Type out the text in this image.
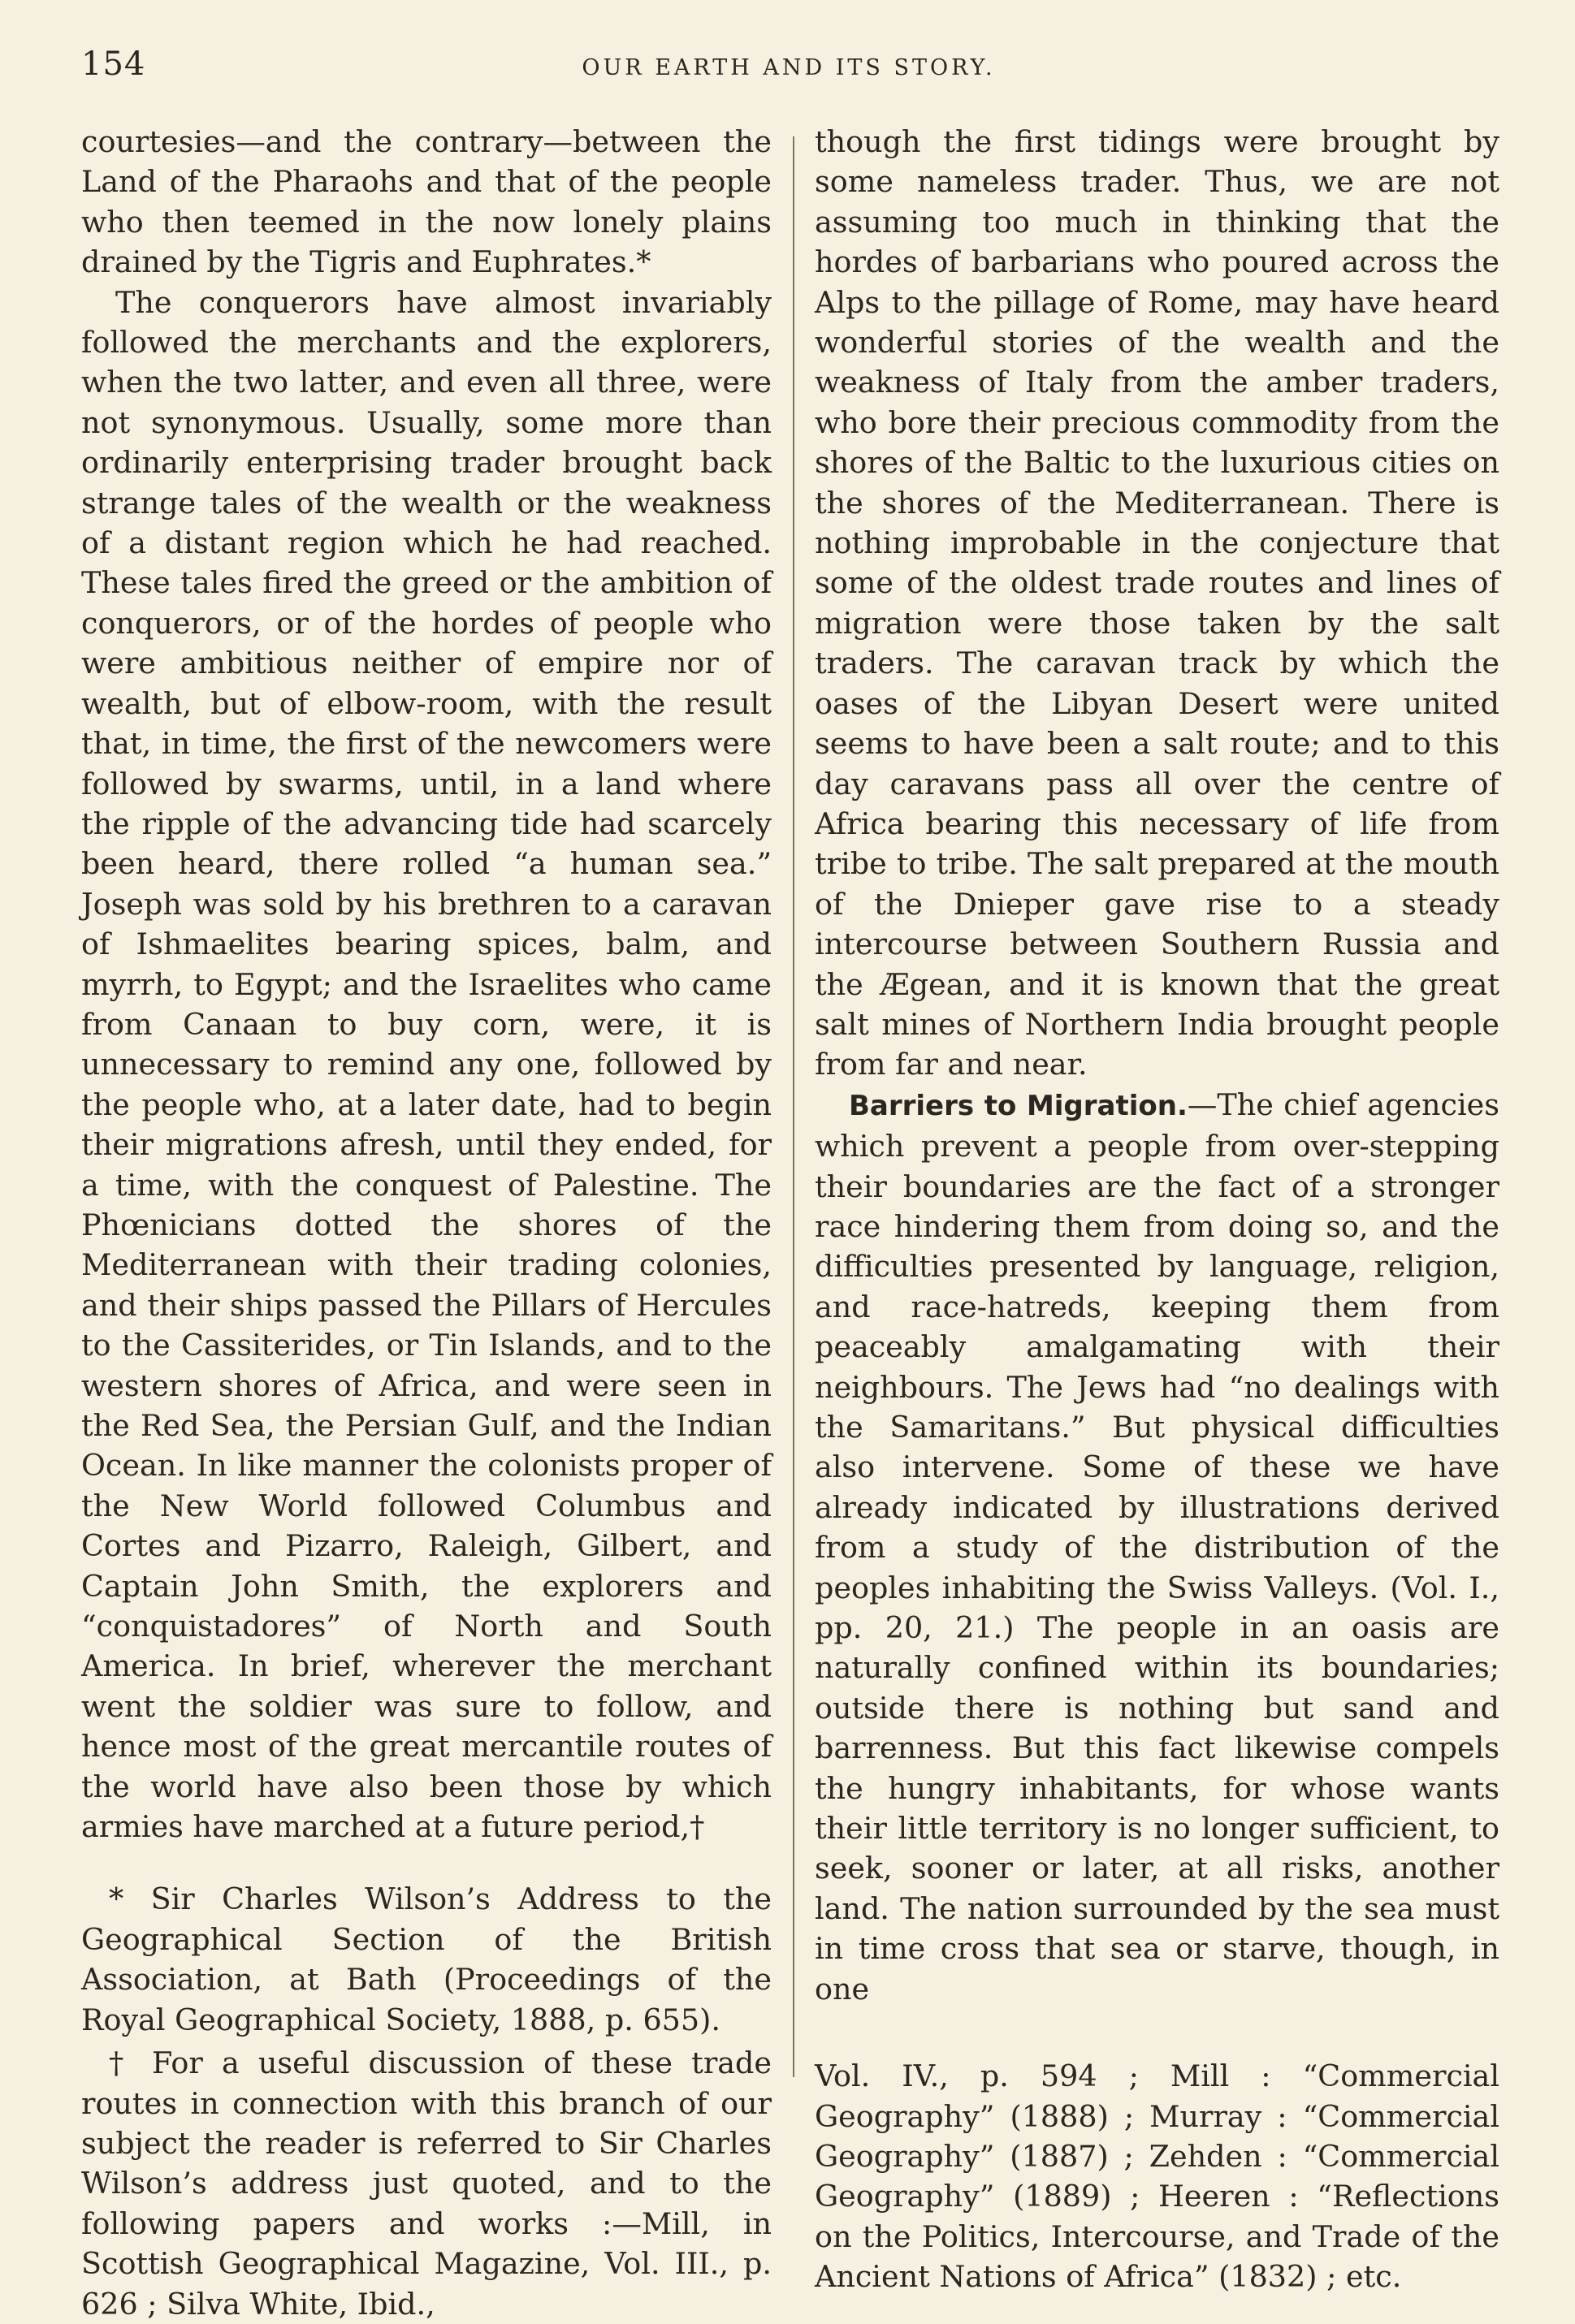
154	OUR EARTH AND ITS STORY.

courtesies—and the contrary—between the Land of the Pharaohs and that of the people who then teemed in the now lonely plains drained by the Tigris and Euphrates.*

The conquerors have almost invariably followed the merchants and the explorers, when the two latter, and even all three, were not synonymous. Usually, some more than ordinarily enterprising trader brought back strange tales of the wealth or the weakness of a distant region which he had reached. These tales fired the greed or the ambition of conquerors, or of the hordes of people who were ambitious neither of empire nor of wealth, but of elbow-room, with the result that, in time, the first of the newcomers were followed by swarms, until, in a land where the ripple of the advancing tide had scarcely been heard, there rolled “a human sea.” Joseph was sold by his brethren to a caravan of Ishmaelites bearing spices, balm, and myrrh, to Egypt; and the Israelites who came from Canaan to buy corn, were, it is unnecessary to remind any one, followed by the people who, at a later date, had to begin their migrations afresh, until they ended, for a time, with the conquest of Palestine. The Phœnicians dotted the shores of the Mediterranean with their trading colonies, and their ships passed the Pillars of Hercules to the Cassiterides, or Tin Islands, and to the western shores of Africa, and were seen in the Red Sea, the Persian Gulf, and the Indian Ocean. In like manner the colonists proper of the New World followed Columbus and Cortes and Pizarro, Raleigh, Gilbert, and Captain John Smith, the explorers and “conquistadores” of North and South America. In brief, wherever the merchant went the soldier was sure to follow, and hence most of the great mercantile routes of the world have also been those by which armies have marched at a future period,†

* Sir Charles Wilson’s Address to the Geographical Section of the British Association, at Bath (Proceedings of the Royal Geographical Society, 1888, p. 655).

† For a useful discussion of these trade routes in connection with this branch of our subject the reader is referred to Sir Charles Wilson’s address just quoted, and to the following papers and works :—Mill, in Scottish Geographical Magazine, Vol. III., p. 626 ; Silva White, Ibid.,

though the first tidings were brought by some nameless trader. Thus, we are not assuming too much in thinking that the hordes of barbarians who poured across the Alps to the pillage of Rome, may have heard wonderful stories of the wealth and the weakness of Italy from the amber traders, who bore their precious commodity from the shores of the Baltic to the luxurious cities on the shores of the Mediterranean. There is nothing improbable in the conjecture that some of the oldest trade routes and lines of migration were those taken by the salt traders. The caravan track by which the oases of the Libyan Desert were united seems to have been a salt route; and to this day caravans pass all over the centre of Africa bearing this necessary of life from tribe to tribe. The salt prepared at the mouth of the Dnieper gave rise to a steady intercourse between Southern Russia and the Ægean, and it is known that the great salt mines of Northern India brought people from far and near.

Barriers to Migration.—The chief agencies which prevent a people from over-stepping their boundaries are the fact of a stronger race hindering them from doing so, and the difficulties presented by language, religion, and race-hatreds, keeping them from peaceably amalgamating with their neighbours. The Jews had “no dealings with the Samaritans.” But physical difficulties also intervene. Some of these we have already indicated by illustrations derived from a study of the distribution of the peoples inhabiting the Swiss Valleys. (Vol. I., pp. 20, 21.) The people in an oasis are naturally confined within its boundaries; outside there is nothing but sand and barrenness. But this fact likewise compels the hungry inhabitants, for whose wants their little territory is no longer sufficient, to seek, sooner or later, at all risks, another land. The nation surrounded by the sea must in time cross that sea or starve, though, in one

Vol. IV., p. 594 ; Mill : “Commercial Geography” (1888) ; Murray : “Commercial Geography” (1887) ; Zehden : “Commercial Geography” (1889) ; Heeren : “Reflections on the Politics, Intercourse, and Trade of the Ancient Nations of Africa” (1832) ; etc.
